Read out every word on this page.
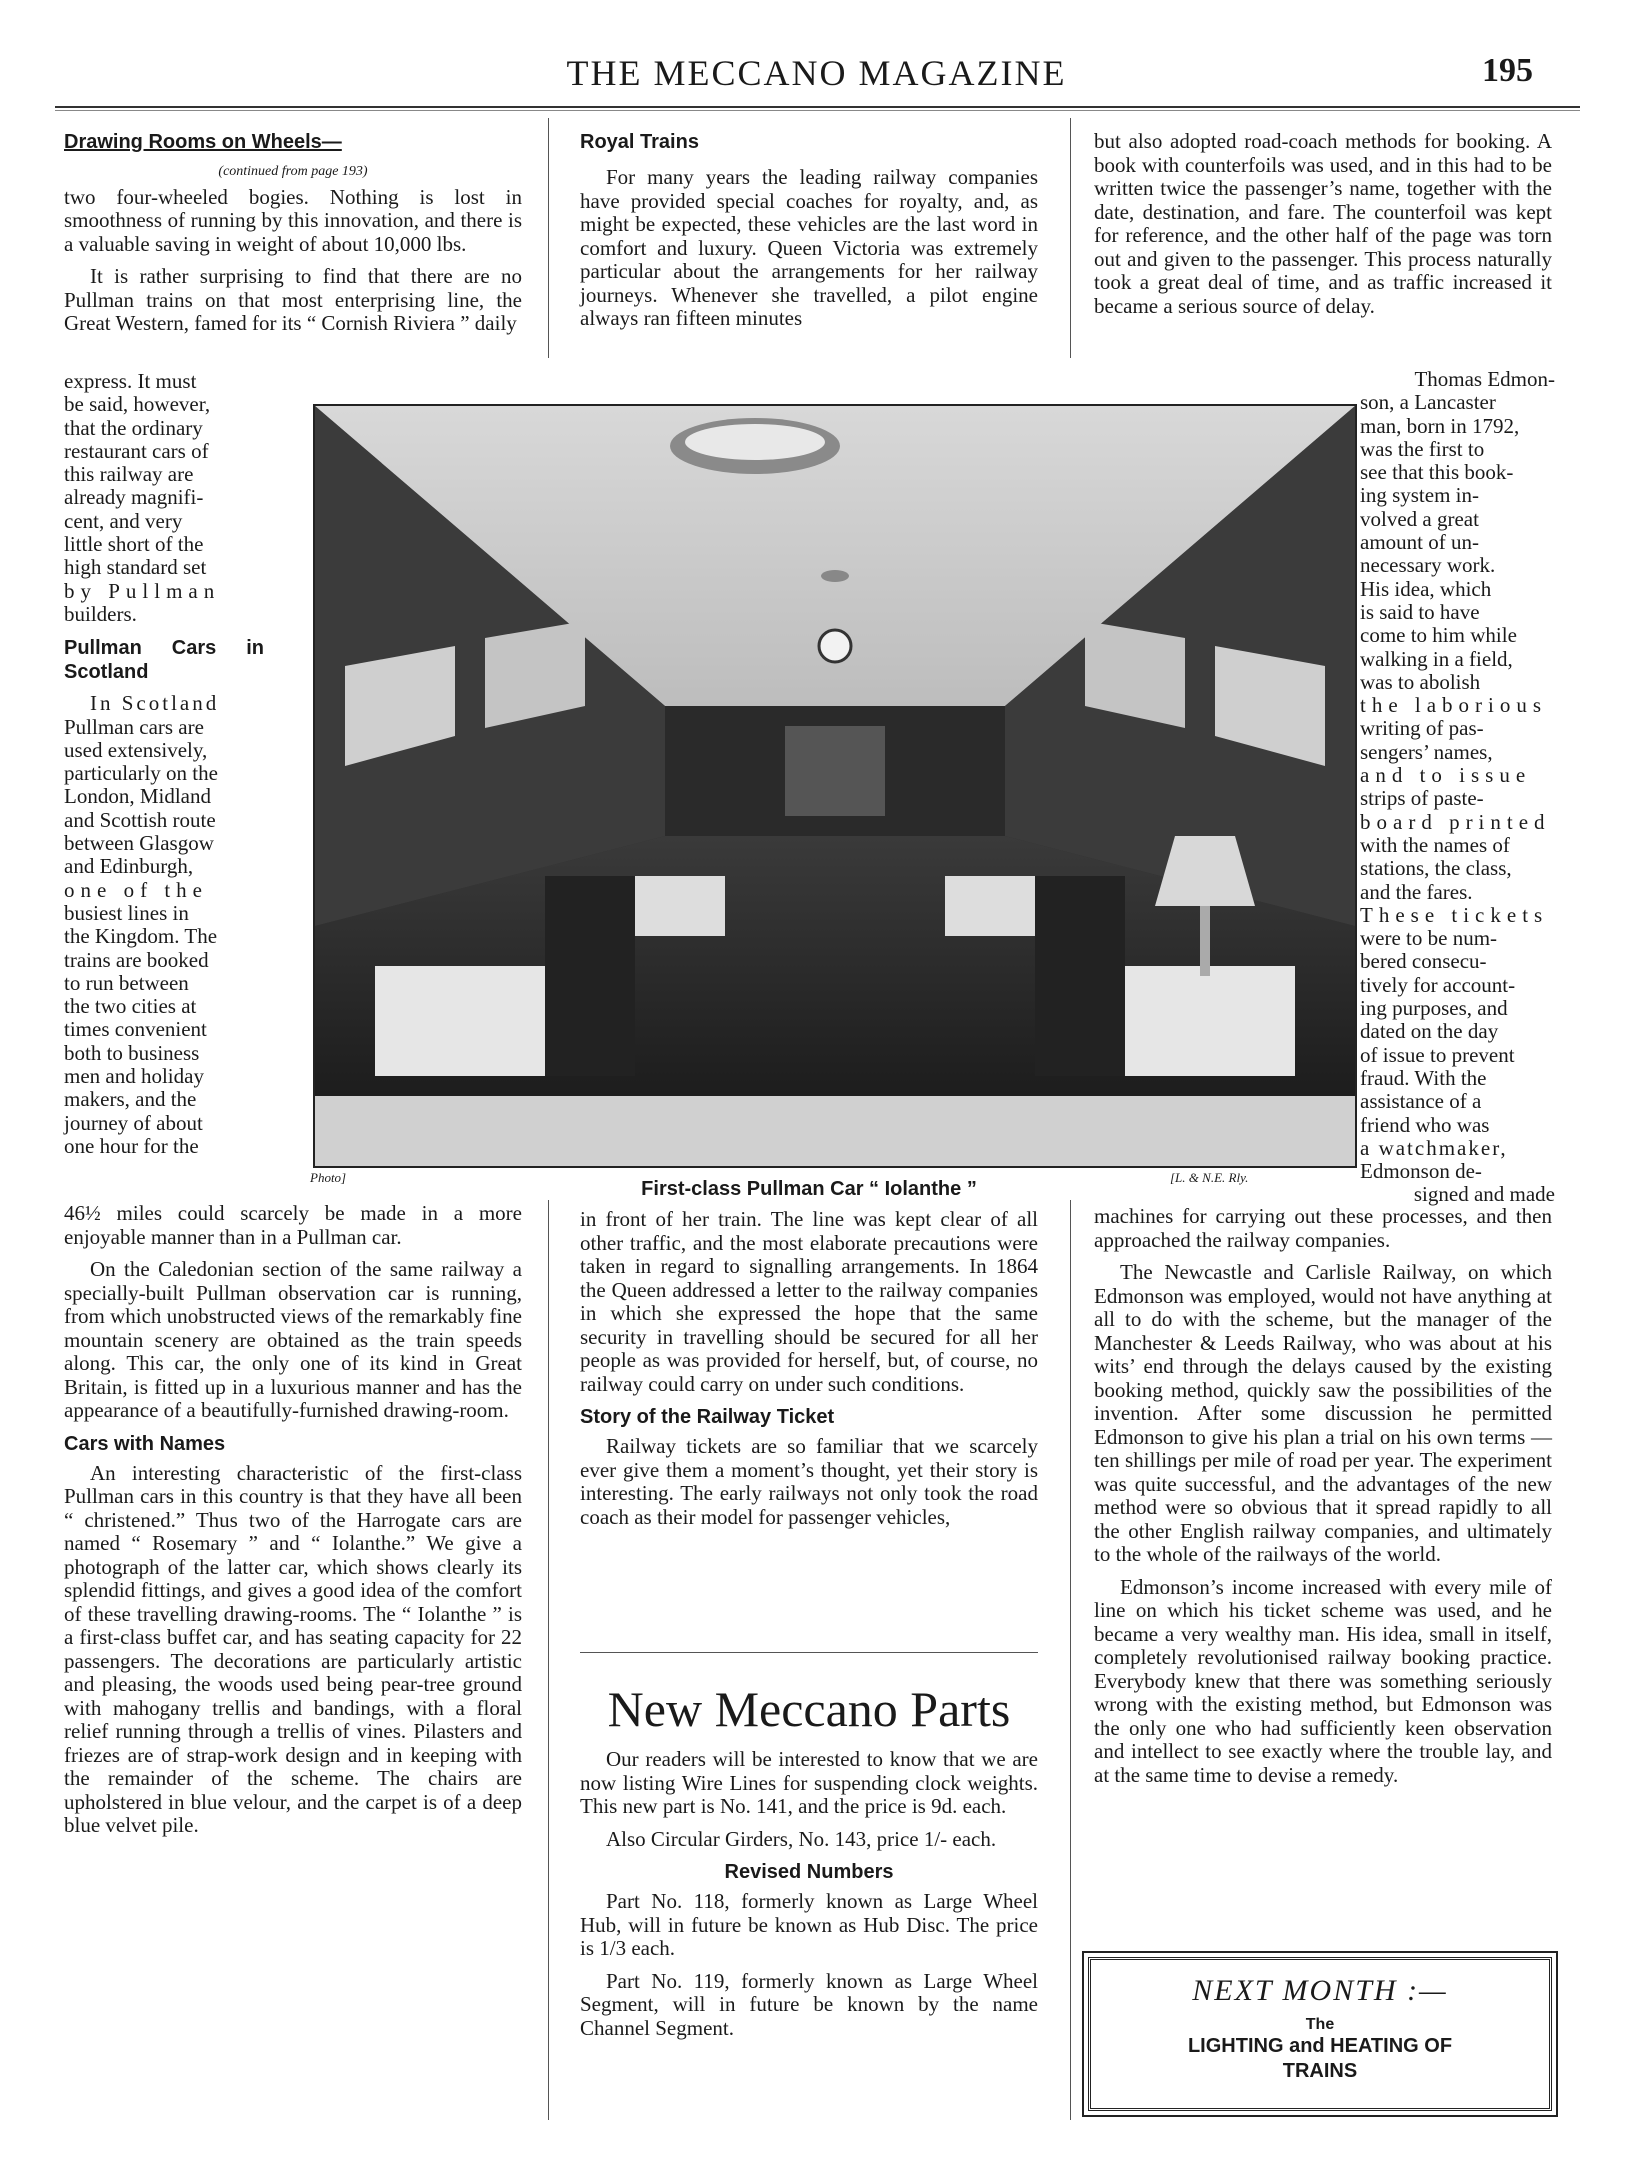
THE MECCANO MAGAZINE	195
Drawing Rooms on Wheels—
(continued from page 193)

two four-wheeled bogies. Nothing is lost in smoothness of running by this innovation, and there is a valuable saving in weight of about 10,000 lbs.

It is rather surprising to find that there are no Pullman trains on that most enterprising line, the Great Western, famed for its “ Cornish Riviera ” daily

express. It must
be said, however,
that the ordinary
restaurant cars of
this railway are
already magnifi-
cent, and very
little short of the
high standard set
by Pullman
builders.
Pullman Cars in Scotland
In Scotland
Pullman cars are
used extensively,
particularly on the
London, Midland
and Scottish route
between Glasgow
and Edinburgh,
one of the
busiest lines in
the Kingdom. The
trains are booked
to run between
the two cities at
times convenient
both to business
men and holiday
makers, and the
journey of about
one hour for the

46½ miles could scarcely be made in a more enjoyable manner than in a Pullman car.

On the Caledonian section of the same railway a specially-built Pullman observation car is running, from which unobstructed views of the remarkably fine mountain scenery are obtained as the train speeds along. This car, the only one of its kind in Great Britain, is fitted up in a luxurious manner and has the appearance of a beautifully-furnished drawing-room.

Cars with Names

An interesting characteristic of the first-class Pullman cars in this country is that they have all been “ christened.” Thus two of the Harrogate cars are named “ Rosemary ” and “ Iolanthe.” We give a photograph of the latter car, which shows clearly its splendid fittings, and gives a good idea of the comfort of these travelling drawing-rooms. The “ Iolanthe ” is a first-class buffet car, and has seating capacity for 22 passengers. The decorations are particularly artistic and pleasing, the woods used being pear-tree ground with mahogany trellis and bandings, with a floral relief running through a trellis of vines. Pilasters and friezes are of strap-work design and in keeping with the remainder of the scheme. The chairs are upholstered in blue velour, and the carpet is of a deep blue velvet pile.

Royal Trains

For many years the leading railway companies have provided special coaches for royalty, and, as might be expected, these vehicles are the last word in comfort and luxury. Queen Victoria was extremely particular about the arrangements for her railway journeys. Whenever she travelled, a pilot engine always ran fifteen minutes

Photo]	[L. & N.E. Rly.
First-class Pullman Car “ Iolanthe ”

in front of her train. The line was kept clear of all other traffic, and the most elaborate precautions were taken in regard to signalling arrangements. In 1864 the Queen addressed a letter to the railway companies in which she expressed the hope that the same security in travelling should be secured for all her people as was provided for herself, but, of course, no railway could carry on under such conditions.

Story of the Railway Ticket

Railway tickets are so familiar that we scarcely ever give them a moment’s thought, yet their story is interesting. The early railways not only took the road coach as their model for passenger vehicles,

New Meccano Parts

Our readers will be interested to know that we are now listing Wire Lines for suspending clock weights. This new part is No. 141, and the price is 9d. each.

Also Circular Girders, No. 143, price 1/- each.

Revised Numbers

Part No. 118, formerly known as Large Wheel Hub, will in future be known as Hub Disc. The price is 1/3 each.

Part No. 119, formerly known as Large Wheel Segment, will in future be known by the name Channel Segment.

but also adopted road-coach methods for booking. A book with counterfoils was used, and in this had to be written twice the passenger’s name, together with the date, destination, and fare. The counterfoil was kept for reference, and the other half of the page was torn out and given to the passenger. This process naturally took a great deal of time, and as traffic increased it became a serious source of delay.

Thomas Edmon-
son, a Lancaster
man, born in 1792,
was the first to
see that this book-
ing system in-
volved a great
amount of un-
necessary work.
His idea, which
is said to have
come to him while
walking in a field,
was to abolish
the laborious
writing of pas-
sengers’ names,
and to issue
strips of paste-
board printed
with the names of
stations, the class,
and the fares.
These tickets
were to be num-
bered consecu-
tively for account-
ing purposes, and
dated on the day
of issue to prevent
fraud. With the
assistance of a
friend who was
a watchmaker,
Edmonson de-
signed and made

machines for carrying out these processes, and then approached the railway companies.

The Newcastle and Carlisle Railway, on which Edmonson was employed, would not have anything at all to do with the scheme, but the manager of the Manchester & Leeds Railway, who was about at his wits’ end through the delays caused by the existing booking method, quickly saw the possibilities of the invention. After some discussion he permitted Edmonson to give his plan a trial on his own terms —ten shillings per mile of road per year. The experiment was quite successful, and the advantages of the new method were so obvious that it spread rapidly to all the other English railway companies, and ultimately to the whole of the railways of the world.

Edmonson’s income increased with every mile of line on which his ticket scheme was used, and he became a very wealthy man. His idea, small in itself, completely revolutionised railway booking practice. Everybody knew that there was something seriously wrong with the existing method, but Edmonson was the only one who had sufficiently keen observation and intellect to see exactly where the trouble lay, and at the same time to devise a remedy.

NEXT MONTH :—
The
LIGHTING and HEATING OF TRAINS
